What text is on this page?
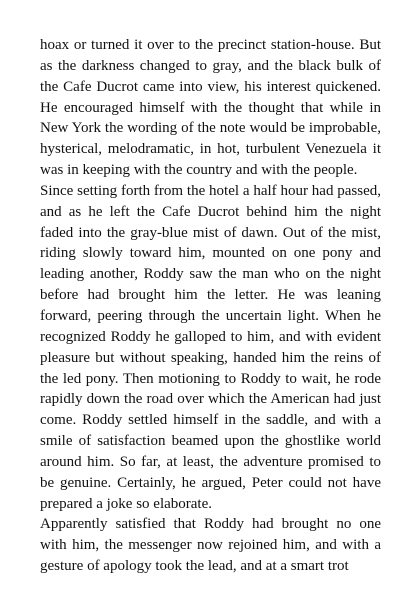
hoax or turned it over to the precinct station-house. But as the darkness changed to gray, and the black bulk of the Cafe Ducrot came into view, his interest quickened. He encouraged himself with the thought that while in New York the wording of the note would be improbable, hysterical, melodramatic, in hot, turbulent Venezuela it was in keeping with the country and with the people.

Since setting forth from the hotel a half hour had passed, and as he left the Cafe Ducrot behind him the night faded into the gray-blue mist of dawn. Out of the mist, riding slowly toward him, mounted on one pony and leading another, Roddy saw the man who on the night before had brought him the letter. He was leaning forward, peering through the uncertain light. When he recognized Roddy he galloped to him, and with evident pleasure but without speaking, handed him the reins of the led pony. Then motioning to Roddy to wait, he rode rapidly down the road over which the American had just come. Roddy settled himself in the saddle, and with a smile of satisfaction beamed upon the ghostlike world around him. So far, at least, the adventure promised to be genuine. Certainly, he argued, Peter could not have prepared a joke so elaborate.

Apparently satisfied that Roddy had brought no one with him, the messenger now rejoined him, and with a gesture of apology took the lead, and at a smart trot
